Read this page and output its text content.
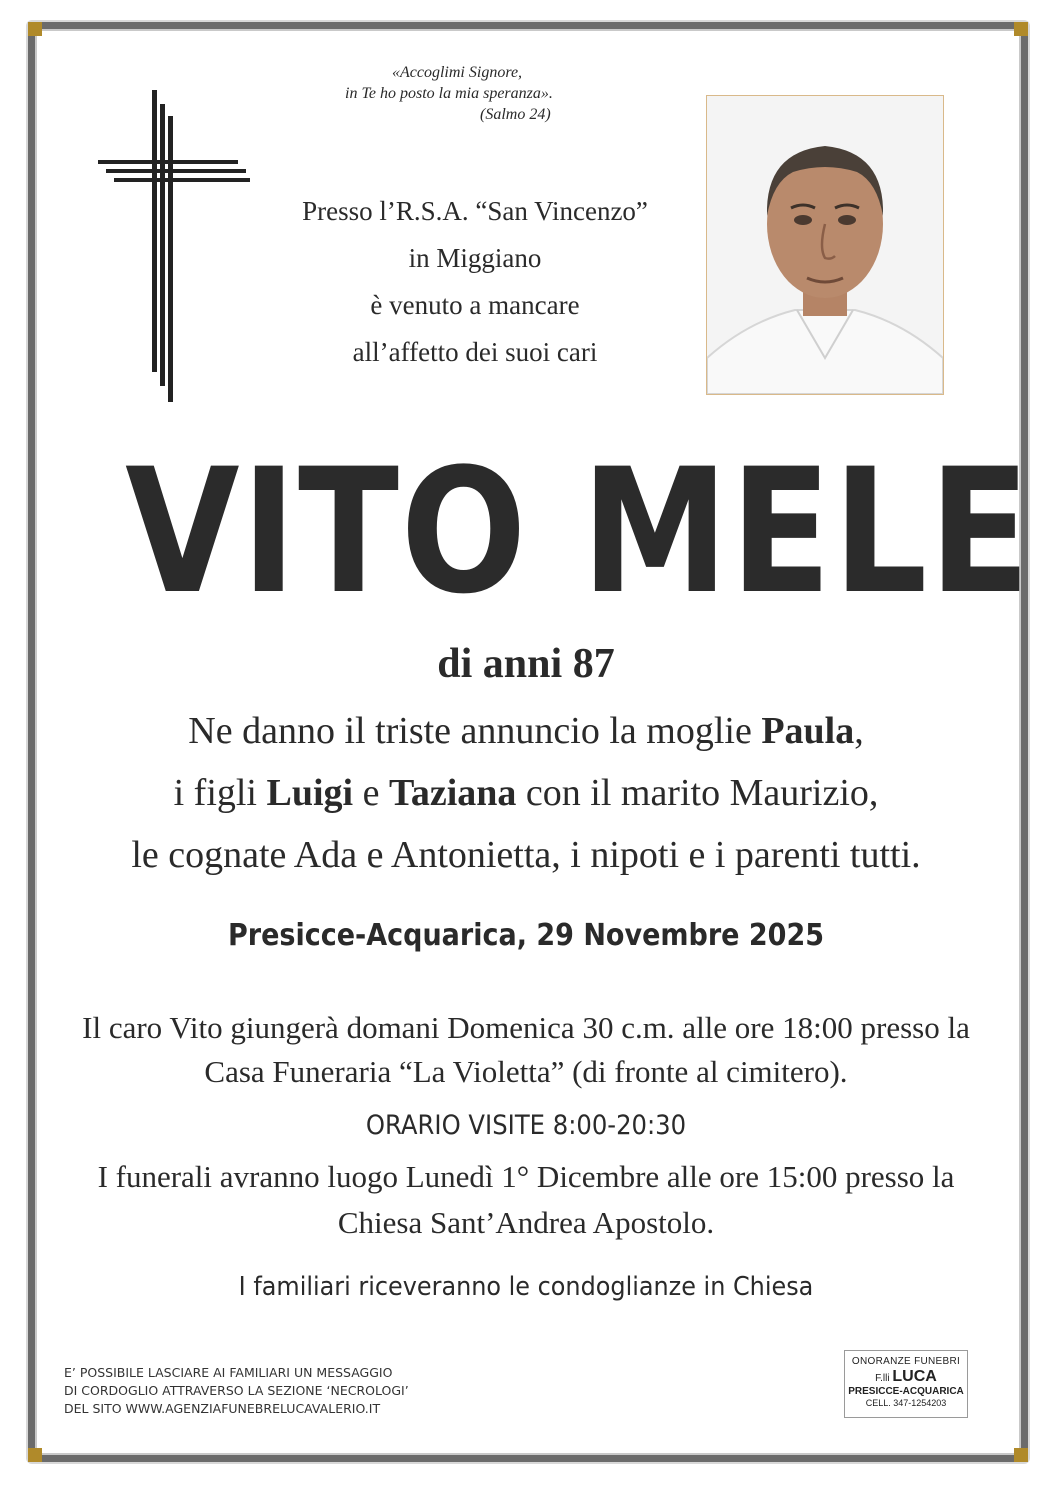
«Accoglimi Signore,
in Te ho posto la mia speranza».
(Salmo 24)
Presso l’R.S.A. “San Vincenzo”
in Miggiano
è venuto a mancare
all’affetto dei suoi cari
VITO MELE
di anni 87
Ne danno il triste annuncio la moglie Paula,
i figli Luigi e Taziana con il marito Maurizio,
le cognate Ada e Antonietta, i nipoti e i parenti tutti.
Presicce-Acquarica, 29 Novembre 2025
Il caro Vito giungerà domani Domenica 30 c.m. alle ore 18:00 presso la
Casa Funeraria “La Violetta” (di fronte al cimitero).
ORARIO VISITE 8:00-20:30
I funerali avranno luogo Lunedì 1° Dicembre alle ore 15:00 presso la
Chiesa Sant’Andrea Apostolo.
I familiari riceveranno le condoglianze in Chiesa
E’ POSSIBILE LASCIARE AI FAMILIARI UN MESSAGGIO
DI CORDOGLIO ATTRAVERSO LA SEZIONE ‘NECROLOGI’
DEL SITO WWW.AGENZIAFUNEBRELUCAVALERIO.IT
ONORANZE FUNEBRI
F.lli LUCA
PRESICCE-ACQUARICA
CELL. 347-1254203
